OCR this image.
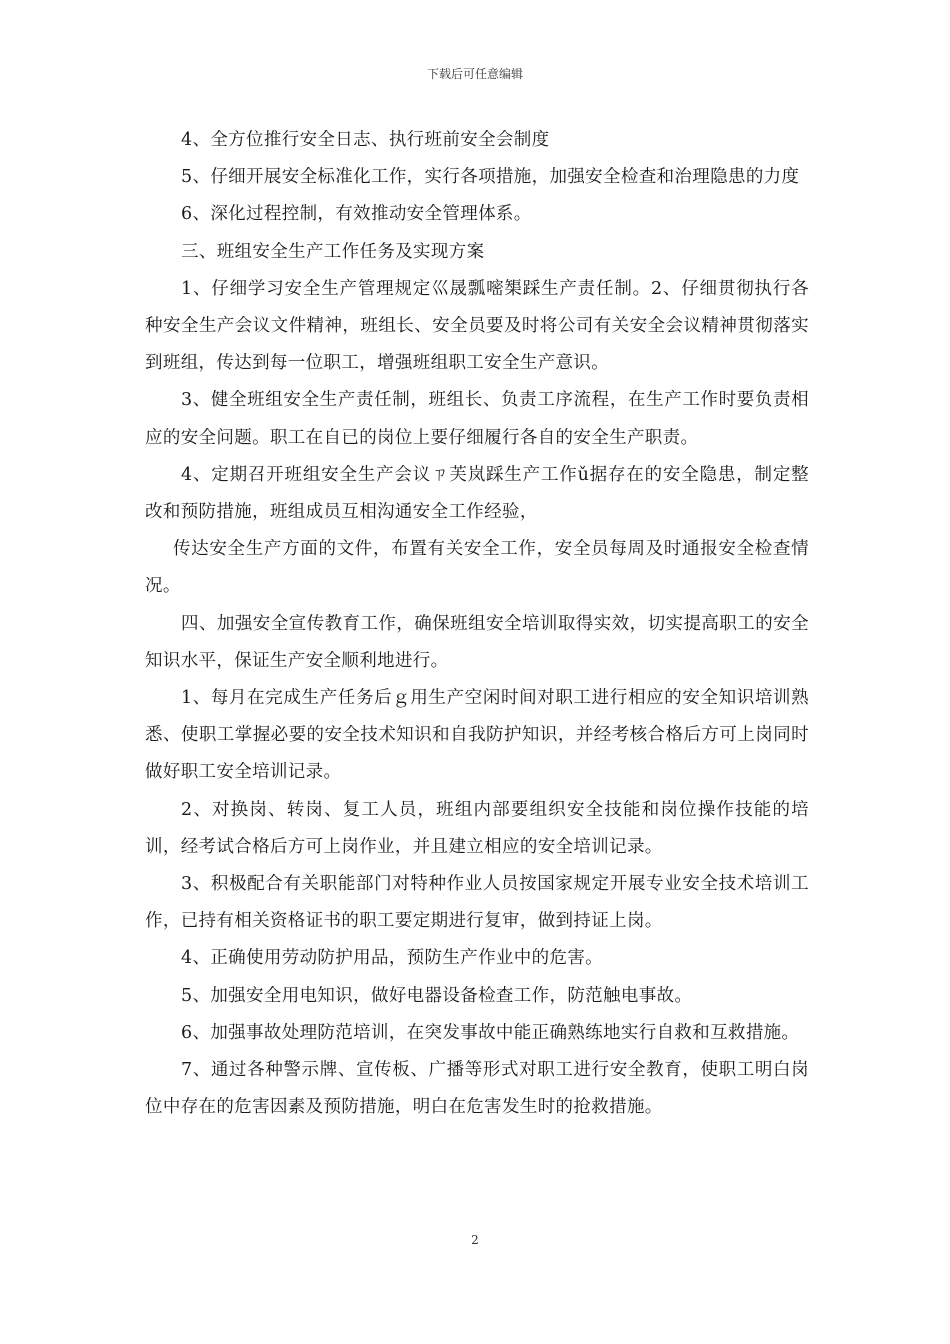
下载后可任意编辑

4、全方位推行安全日志、执行班前安全会制度

5、仔细开展安全标准化工作，实行各项措施，加强安全检查和治理隐患的力度

6、深化过程控制，有效推动安全管理体系。

三、班组安全生产工作任务及实现方案

1、仔细学习安全生产管理规定巛晟瓢嘧榘踩生产责任制。2、仔细贯彻执行各种安全生产会议文件精神，班组长、安全员要及时将公司有关安全会议精神贯彻落实到班组，传达到每一位职工，增强班组职工安全生产意识。

3、健全班组安全生产责任制，班组长、负责工序流程，在生产工作时要负责相应的安全问题。职工在自已的岗位上要仔细履行各自的安全生产职责。

4、定期召开班组安全生产会议ㄗ芙岚踩生产工作ǔ据存在的安全隐患，制定整改和预防措施，班组成员互相沟通安全工作经验，

传达安全生产方面的文件，布置有关安全工作，安全员每周及时通报安全检查情况。

四、加强安全宣传教育工作，确保班组安全培训取得实效，切实提高职工的安全知识水平，保证生产安全顺利地进行。

1、每月在完成生产任务后ｇ用生产空闲时间对职工进行相应的安全知识培训熟悉、使职工掌握必要的安全技术知识和自我防护知识，并经考核合格后方可上岗同时做好职工安全培训记录。

2、对换岗、转岗、复工人员，班组内部要组织安全技能和岗位操作技能的培训，经考试合格后方可上岗作业，并且建立相应的安全培训记录。

3、积极配合有关职能部门对特种作业人员按国家规定开展专业安全技术培训工作，已持有相关资格证书的职工要定期进行复审，做到持证上岗。

4、正确使用劳动防护用品，预防生产作业中的危害。

5、加强安全用电知识，做好电器设备检查工作，防范触电事故。

6、加强事故处理防范培训，在突发事故中能正确熟练地实行自救和互救措施。

7、通过各种警示牌、宣传板、广播等形式对职工进行安全教育，使职工明白岗位中存在的危害因素及预防措施，明白在危害发生时的抢救措施。

2
